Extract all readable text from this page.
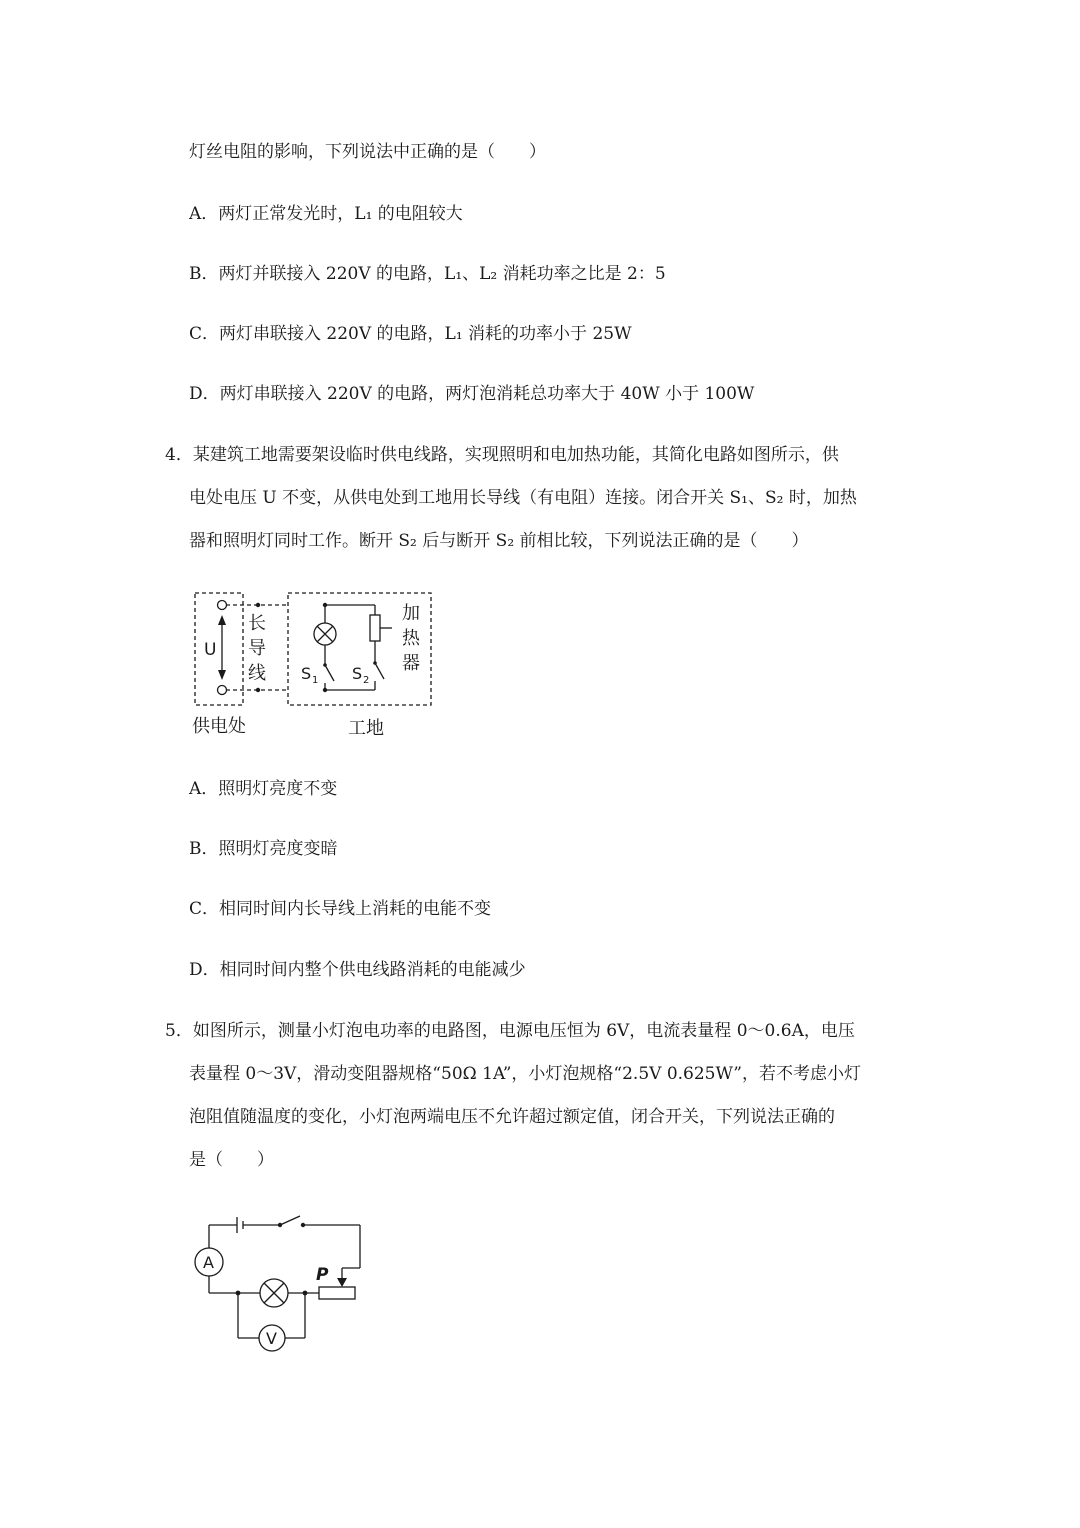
灯丝电阻的影响，下列说法中正确的是（　　）
A．两灯正常发光时，L₁ 的电阻较大
B．两灯并联接入 220V 的电路，L₁、L₂ 消耗功率之比是 2：5
C．两灯串联接入 220V 的电路，L₁ 消耗的功率小于 25W
D．两灯串联接入 220V 的电路，两灯泡消耗总功率大于 40W 小于 100W
4．某建筑工地需要架设临时供电线路，实现照明和电加热功能，其简化电路如图所示，供
电处电压 U 不变，从供电处到工地用长导线（有电阻）连接。闭合开关 S₁、S₂ 时，加热
器和照明灯同时工作。断开 S₂ 后与断开 S₂ 前相比较，下列说法正确的是（　　）
U
长
导
线
加
热
器
S 1 S 2
供电处	工地
A．照明灯亮度不变
B．照明灯亮度变暗
C．相同时间内长导线上消耗的电能不变
D．相同时间内整个供电线路消耗的电能减少
5．如图所示，测量小灯泡电功率的电路图，电源电压恒为 6V，电流表量程 0～0.6A，电压
表量程 0～3V，滑动变阻器规格“50Ω 1A”，小灯泡规格“2.5V 0.625W”，若不考虑小灯
泡阻值随温度的变化，小灯泡两端电压不允许超过额定值，闭合开关，下列说法正确的
是（　　）
A
V
P
